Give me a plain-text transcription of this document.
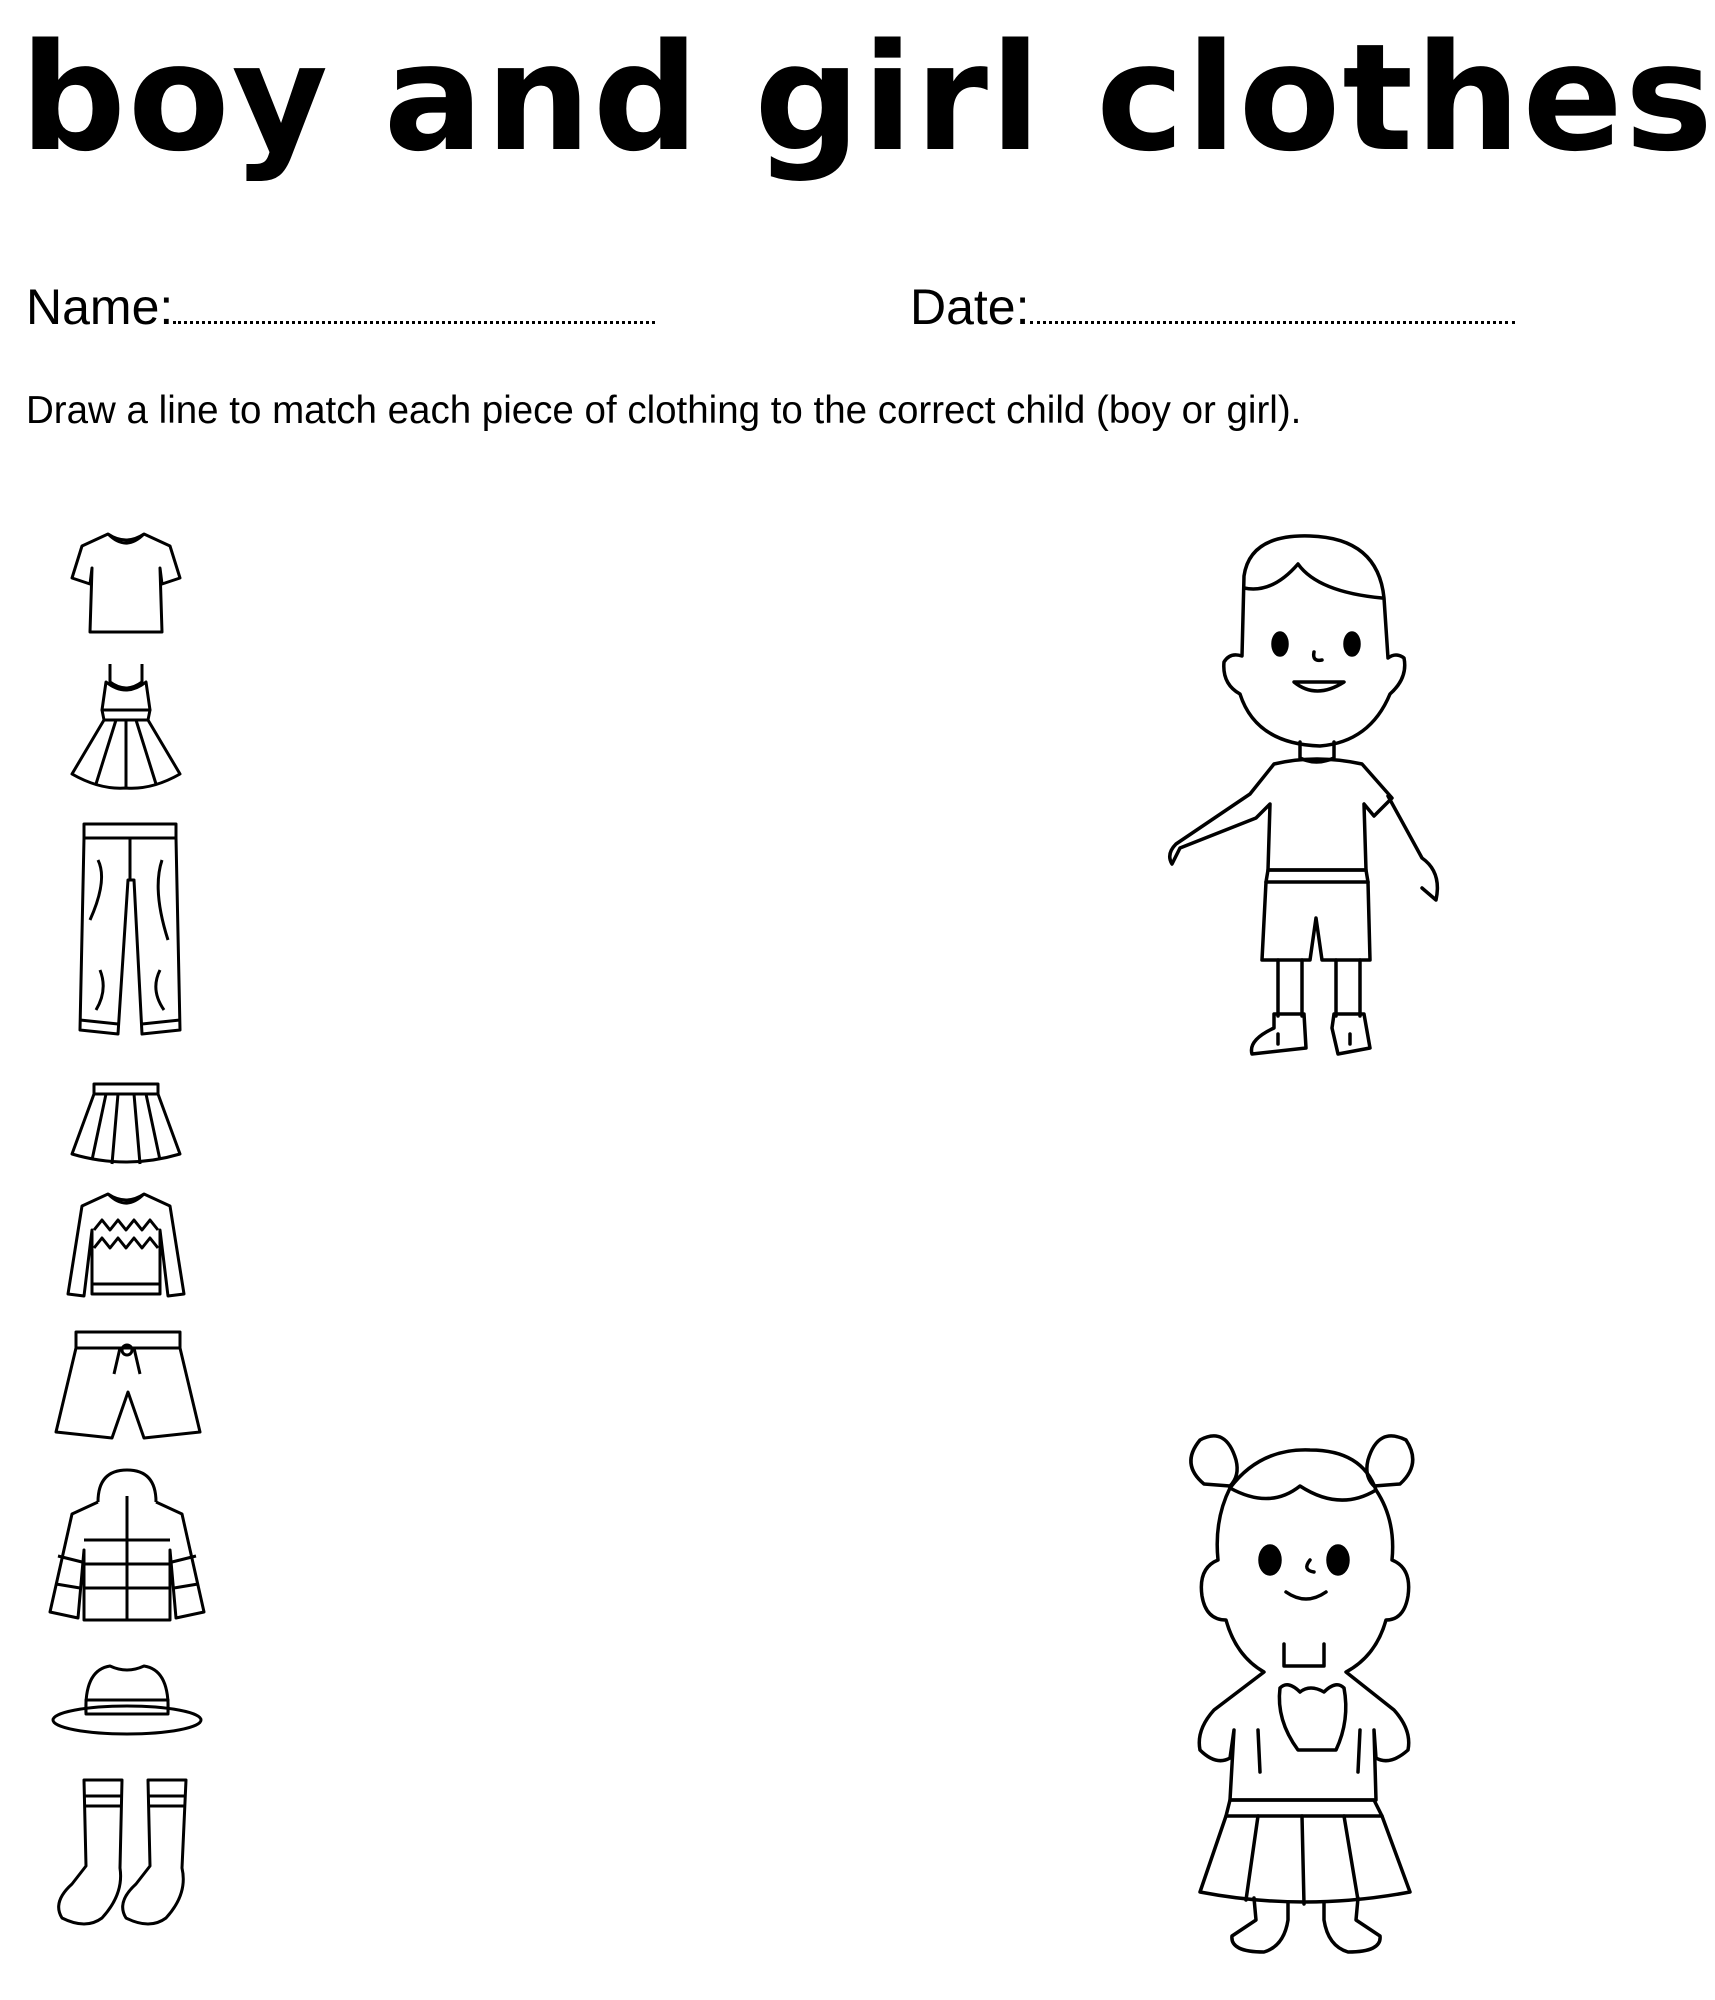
boy and girl clothes
Name:	Date:
Draw a line to match each piece of clothing to the correct child (boy or girl).
